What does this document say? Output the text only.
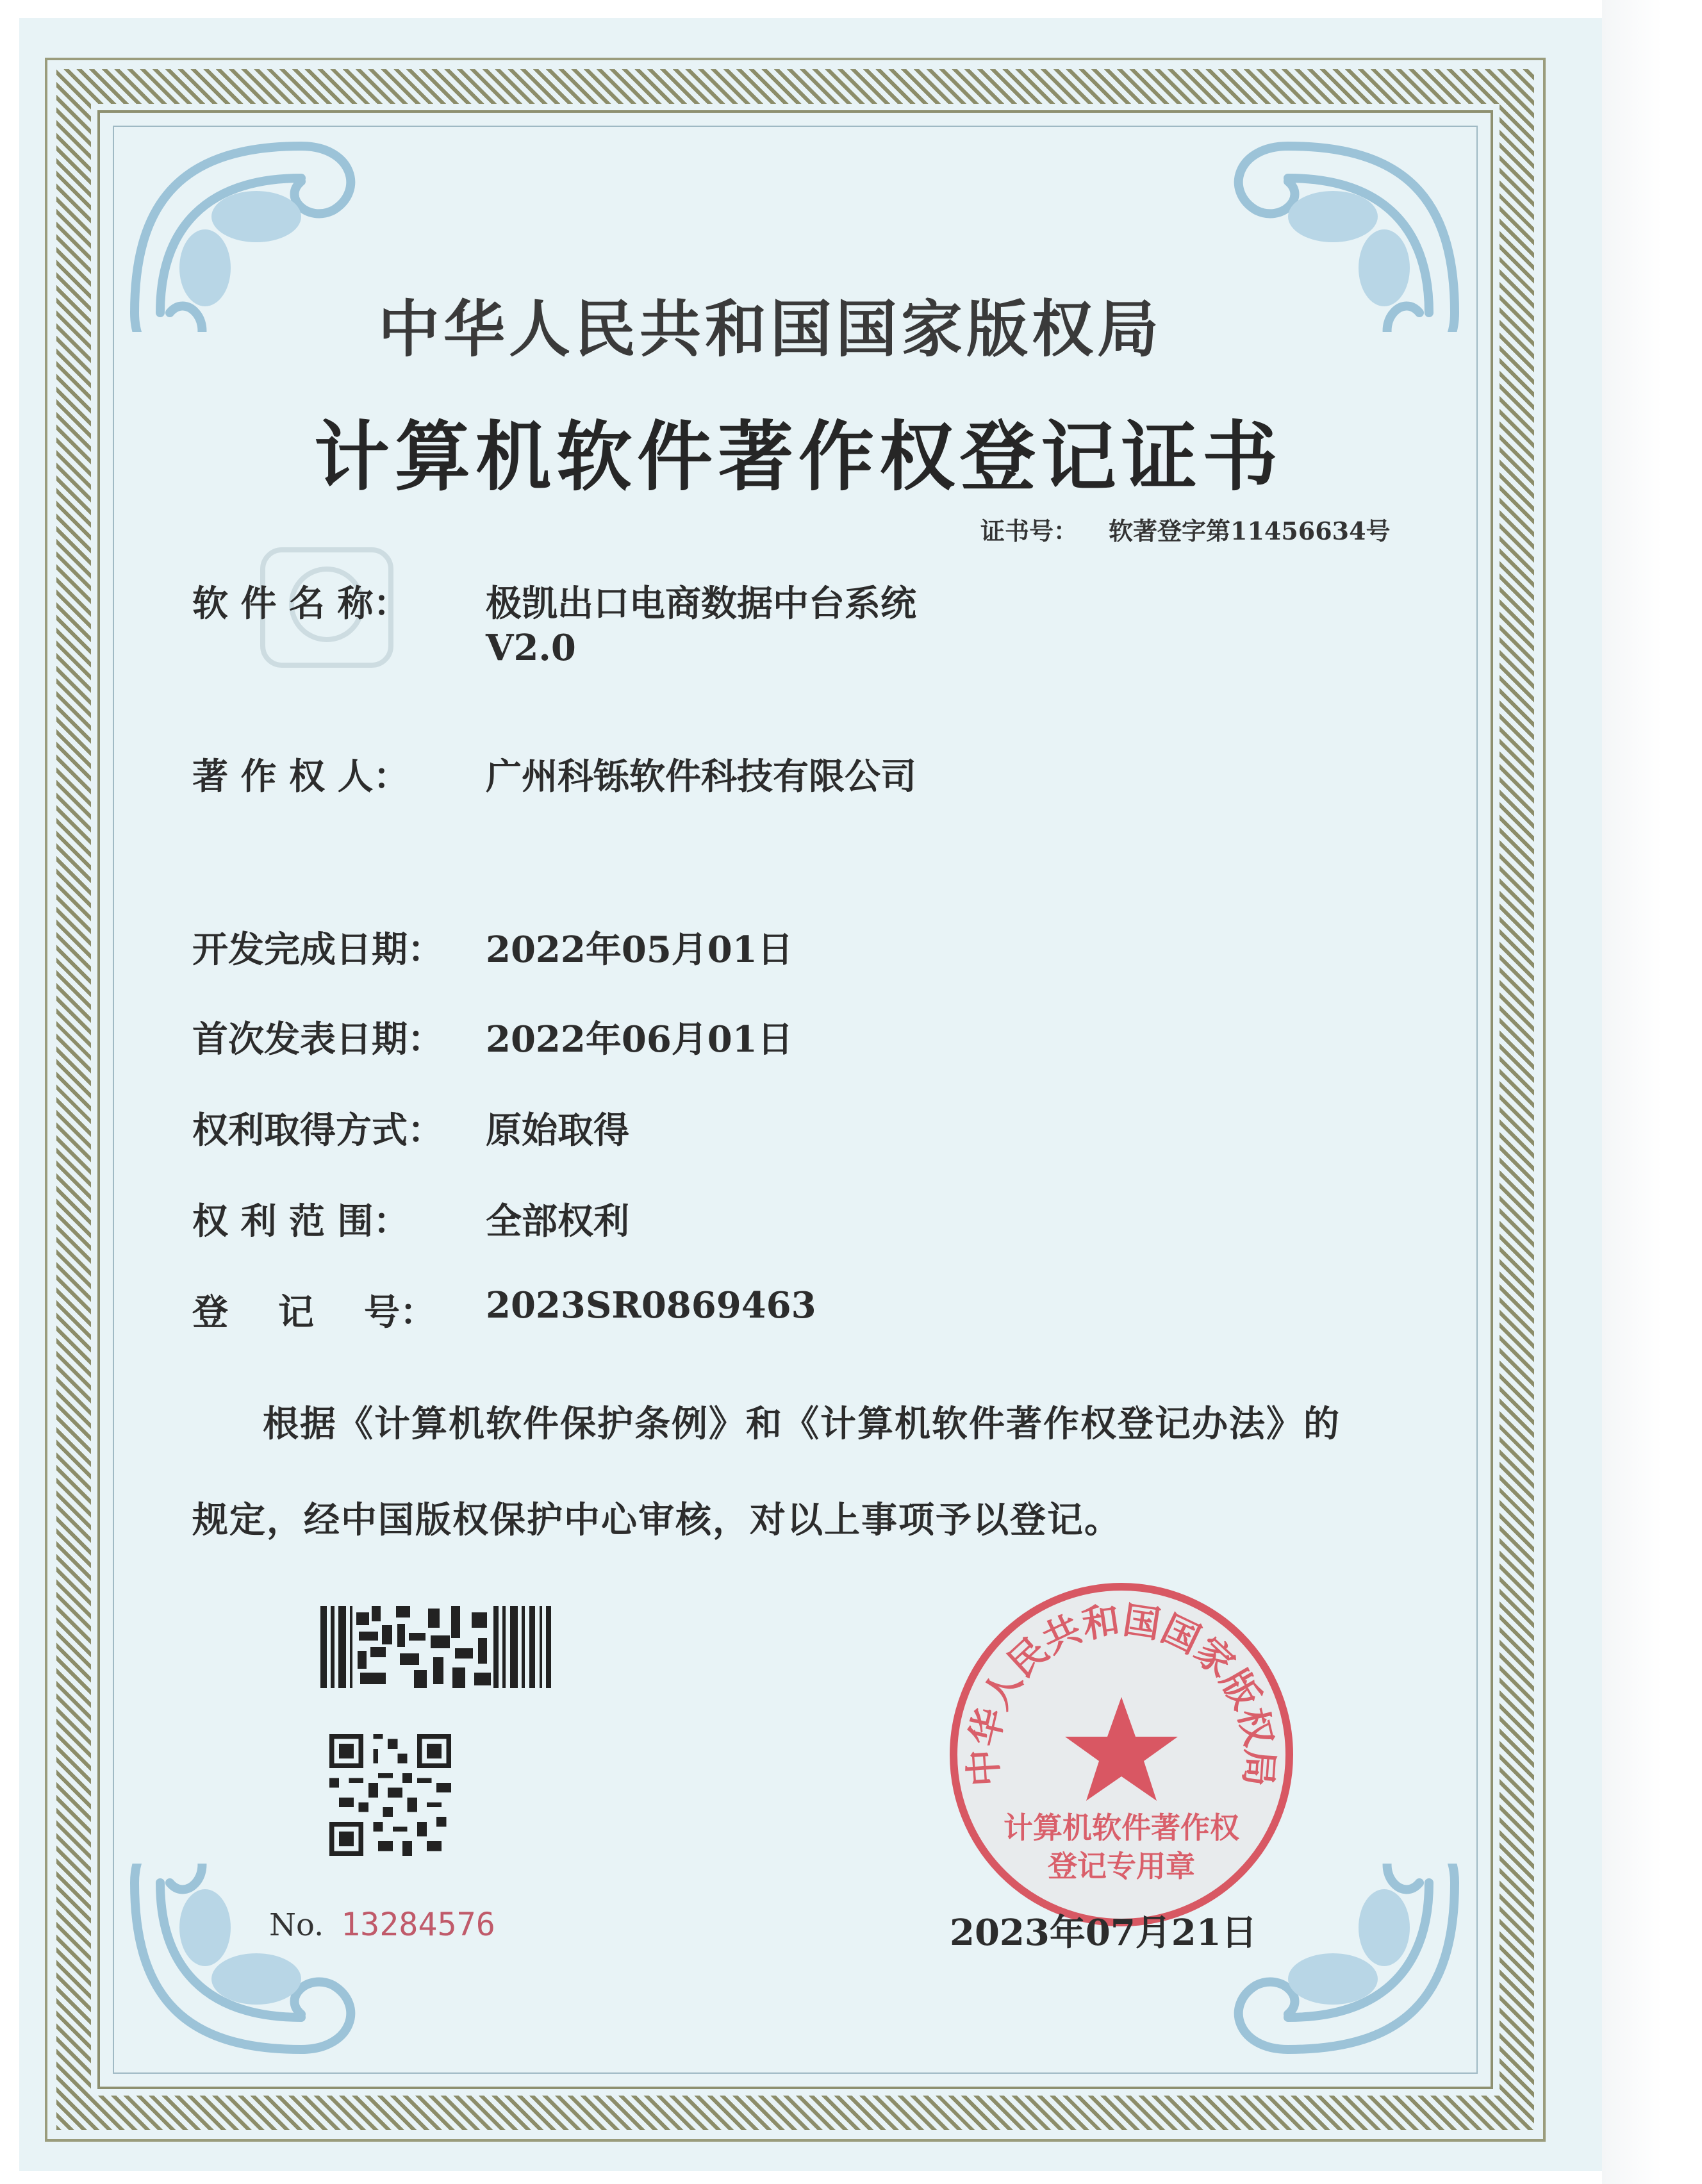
中华人民共和国国家版权局
计算机软件著作权登记证书
证书号： 软著登字第11456634号
软 件 名 称： 极凯出口电商数据中台系统
V2.0
著 作 权 人： 广州科铄软件科技有限公司
开发完成日期： 2022年05月01日
首次发表日期： 2022年06月01日
权利取得方式： 原始取得
权 利 范 围： 全部权利
登    记    号： 2023SR0869463
根据《计算机软件保护条例》和《计算机软件著作权登记办法》的
规定，经中国版权保护中心审核，对以上事项予以登记。
No. 13284576
中华人民共和国国家版权局
计算机软件著作权
登记专用章
2023年07月21日
